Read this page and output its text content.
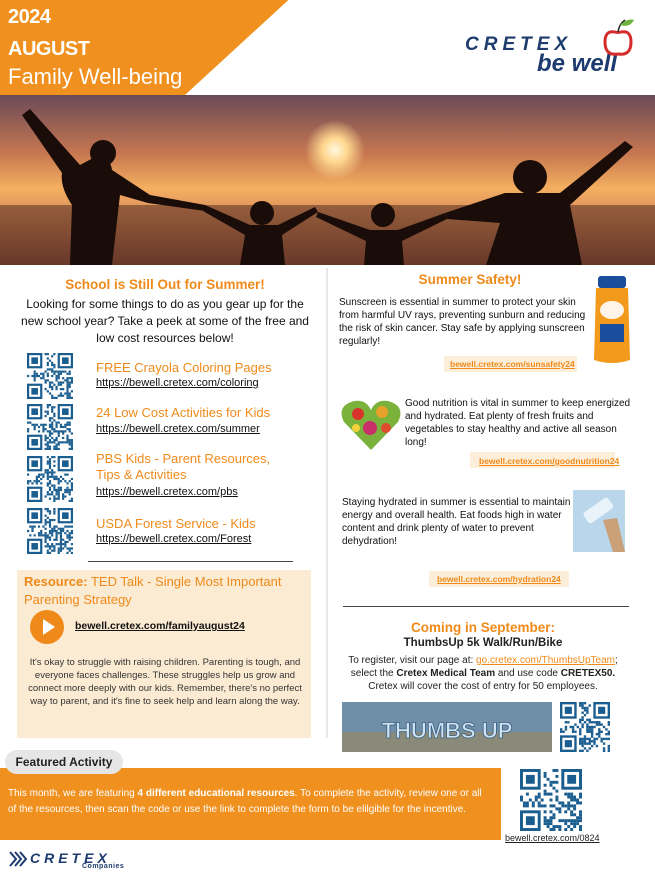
2024
AUGUST
Family Well-being
CRETEX
be well
School is Still Out for Summer!
Looking for some things to do as you gear up for the new school year? Take a peek at some of the free and low cost resources below!
FREE Crayola Coloring Pages
https://bewell.cretex.com/coloring
24 Low Cost Activities for Kids
https://bewell.cretex.com/summer
PBS Kids - Parent Resources, Tips & Activities
https://bewell.cretex.com/pbs
USDA Forest Service - Kids
https://bewell.cretex.com/Forest
Resource: TED Talk - Single Most Important Parenting Strategy
bewell.cretex.com/familyaugust24
It's okay to struggle with raising children. Parenting is tough, and everyone faces challenges. These struggles help us grow and connect more deeply with our kids. Remember, there's no perfect way to parent, and it's fine to seek help and learn along the way.
Summer Safety!
Sunscreen is essential in summer to protect your skin from harmful UV rays, preventing sunburn and reducing the risk of skin cancer. Stay safe by applying sunscreen regularly!
bewell.cretex.com/sunsafety24
Good nutrition is vital in summer to keep energized and hydrated. Eat plenty of fresh fruits and vegetables to stay healthy and active all season long!
bewell.cretex.com/goodnutrition24
Staying hydrated in summer is essential to maintain energy and overall health. Eat foods high in water content and drink plenty of water to prevent dehydration!
bewell.cretex.com/hydration24
Coming in September:
ThumbsUp 5k Walk/Run/Bike
To register, visit our page at: go.cretex.com/ThumbsUpTeam;
select the Cretex Medical Team and use code CRETEX50.
Cretex will cover the cost of entry for 50 employees.
THUMBS UP
Featured Activity
This month, we are featuring 4 different educational resources. To complete the activity, review one or all of the resources, then scan the code or use the link to complete the form to be elilgible for the incentive.
bewell.cretex.com/0824
CRETEX
Companies
